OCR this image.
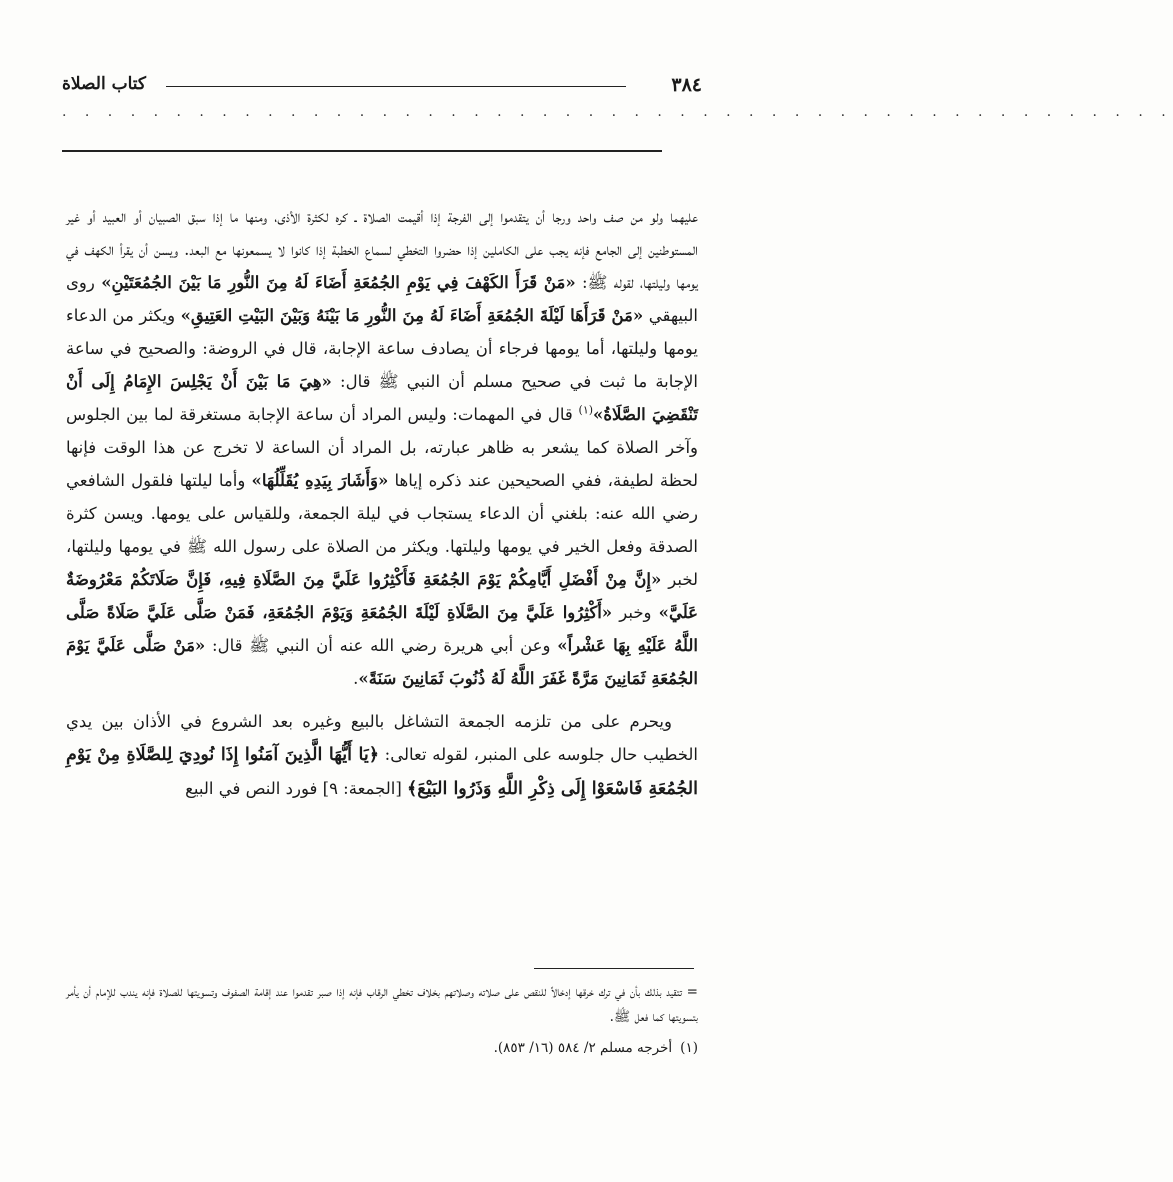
٣٨٤
كتاب الصلاة
. . . . . . . . . . . . . . . . . . . . . . . . . . . . . . . . . . . . . . . . . . . . . . . . .

عليهما ولو من صف واحد ورجا أن يتقدموا إلى الفرجة إذا أقيمت الصلاة ـ كره لكثرة الأذى، ومنها ما إذا سبق الصبيان أو العبيد أو غير المستوطنين إلى الجامع فإنه يجب على الكاملين إذا حضروا التخطي لسماع الخطبة إذا كانوا لا يسمعونها مع البعد. ويسن أن يقرأ الكهف في يومها وليلتها، لقوله ﷺ: «مَنْ قَرَأَ الكَهْفَ فِي يَوْمِ الجُمُعَةِ أَضَاءَ لَهُ مِنَ النُّورِ مَا بَيْنَ الجُمُعَتَيْنِ» روى البيهقي «مَنْ قَرَأَهَا لَيْلَةَ الجُمُعَةِ أَضَاءَ لَهُ مِنَ النُّورِ مَا بَيْنَهُ وَبَيْنَ البَيْتِ العَتِيقِ» ويكثر من الدعاء يومها وليلتها، أما يومها فرجاء أن يصادف ساعة الإجابة، قال في الروضة: والصحيح في ساعة الإجابة ما ثبت في صحيح مسلم أن النبي ﷺ قال: «هِيَ مَا بَيْنَ أَنْ يَجْلِسَ الإِمَامُ إِلَى أَنْ تَنْقَضِيَ الصَّلَاةُ»$^{(١)}$ قال في المهمات: وليس المراد أن ساعة الإجابة مستغرقة لما بين الجلوس وآخر الصلاة كما يشعر به ظاهر عبارته، بل المراد أن الساعة لا تخرج عن هذا الوقت فإنها لحظة لطيفة، ففي الصحيحين عند ذكره إياها «وَأَشَارَ بِيَدِهِ يُقَلِّلُهَا» وأما ليلتها فلقول الشافعي رضي الله عنه: بلغني أن الدعاء يستجاب في ليلة الجمعة، وللقياس على يومها. ويسن كثرة الصدقة وفعل الخير في يومها وليلتها. ويكثر من الصلاة على رسول الله ﷺ في يومها وليلتها، لخبر «إِنَّ مِنْ أَفْضَلِ أَيَّامِكُمْ يَوْمَ الجُمُعَةِ فَأَكْثِرُوا عَلَيَّ مِنَ الصَّلَاةِ فِيهِ، فَإِنَّ صَلَاتَكُمْ مَعْرُوضَةٌ عَلَيَّ» وخبر «أَكْثِرُوا عَلَيَّ مِنَ الصَّلَاةِ لَيْلَةَ الجُمُعَةِ وَيَوْمَ الجُمُعَةِ، فَمَنْ صَلَّى عَلَيَّ صَلَاةً صَلَّى اللَّهُ عَلَيْهِ بِهَا عَشْراً» وعن أبي هريرة رضي الله عنه أن النبي ﷺ قال: «مَنْ صَلَّى عَلَيَّ يَوْمَ الجُمُعَةِ ثَمَانِينَ مَرَّةً غَفَرَ اللَّهُ لَهُ ذُنُوبَ ثَمَانِينَ سَنَةً».

ويحرم على من تلزمه الجمعة التشاغل بالبيع وغيره بعد الشروع في الأذان بين يدي الخطيب حال جلوسه على المنبر، لقوله تعالى: ﴿يَا أَيُّهَا الَّذِينَ آمَنُوا إِذَا نُودِيَ لِلصَّلَاةِ مِنْ يَوْمِ الجُمُعَةِ فَاسْعَوْا إِلَى ذِكْرِ اللَّهِ وَذَرُوا البَيْعَ﴾ [الجمعة: ٩] فورد النص في البيع

= تتقيد بذلك بأن في ترك خرقها إدخالاً للنقص على صلاته وصلاتهم بخلاف تخطي الرقاب فإنه إذا صبر تقدموا عند إقامة الصفوف وتسويتها للصلاة فإنه يندب للإمام أن يأمر بتسويتها كما فعل ﷺ.

(١)أخرجه مسلم ٢/ ٥٨٤ (١٦/ ٨٥٣).
